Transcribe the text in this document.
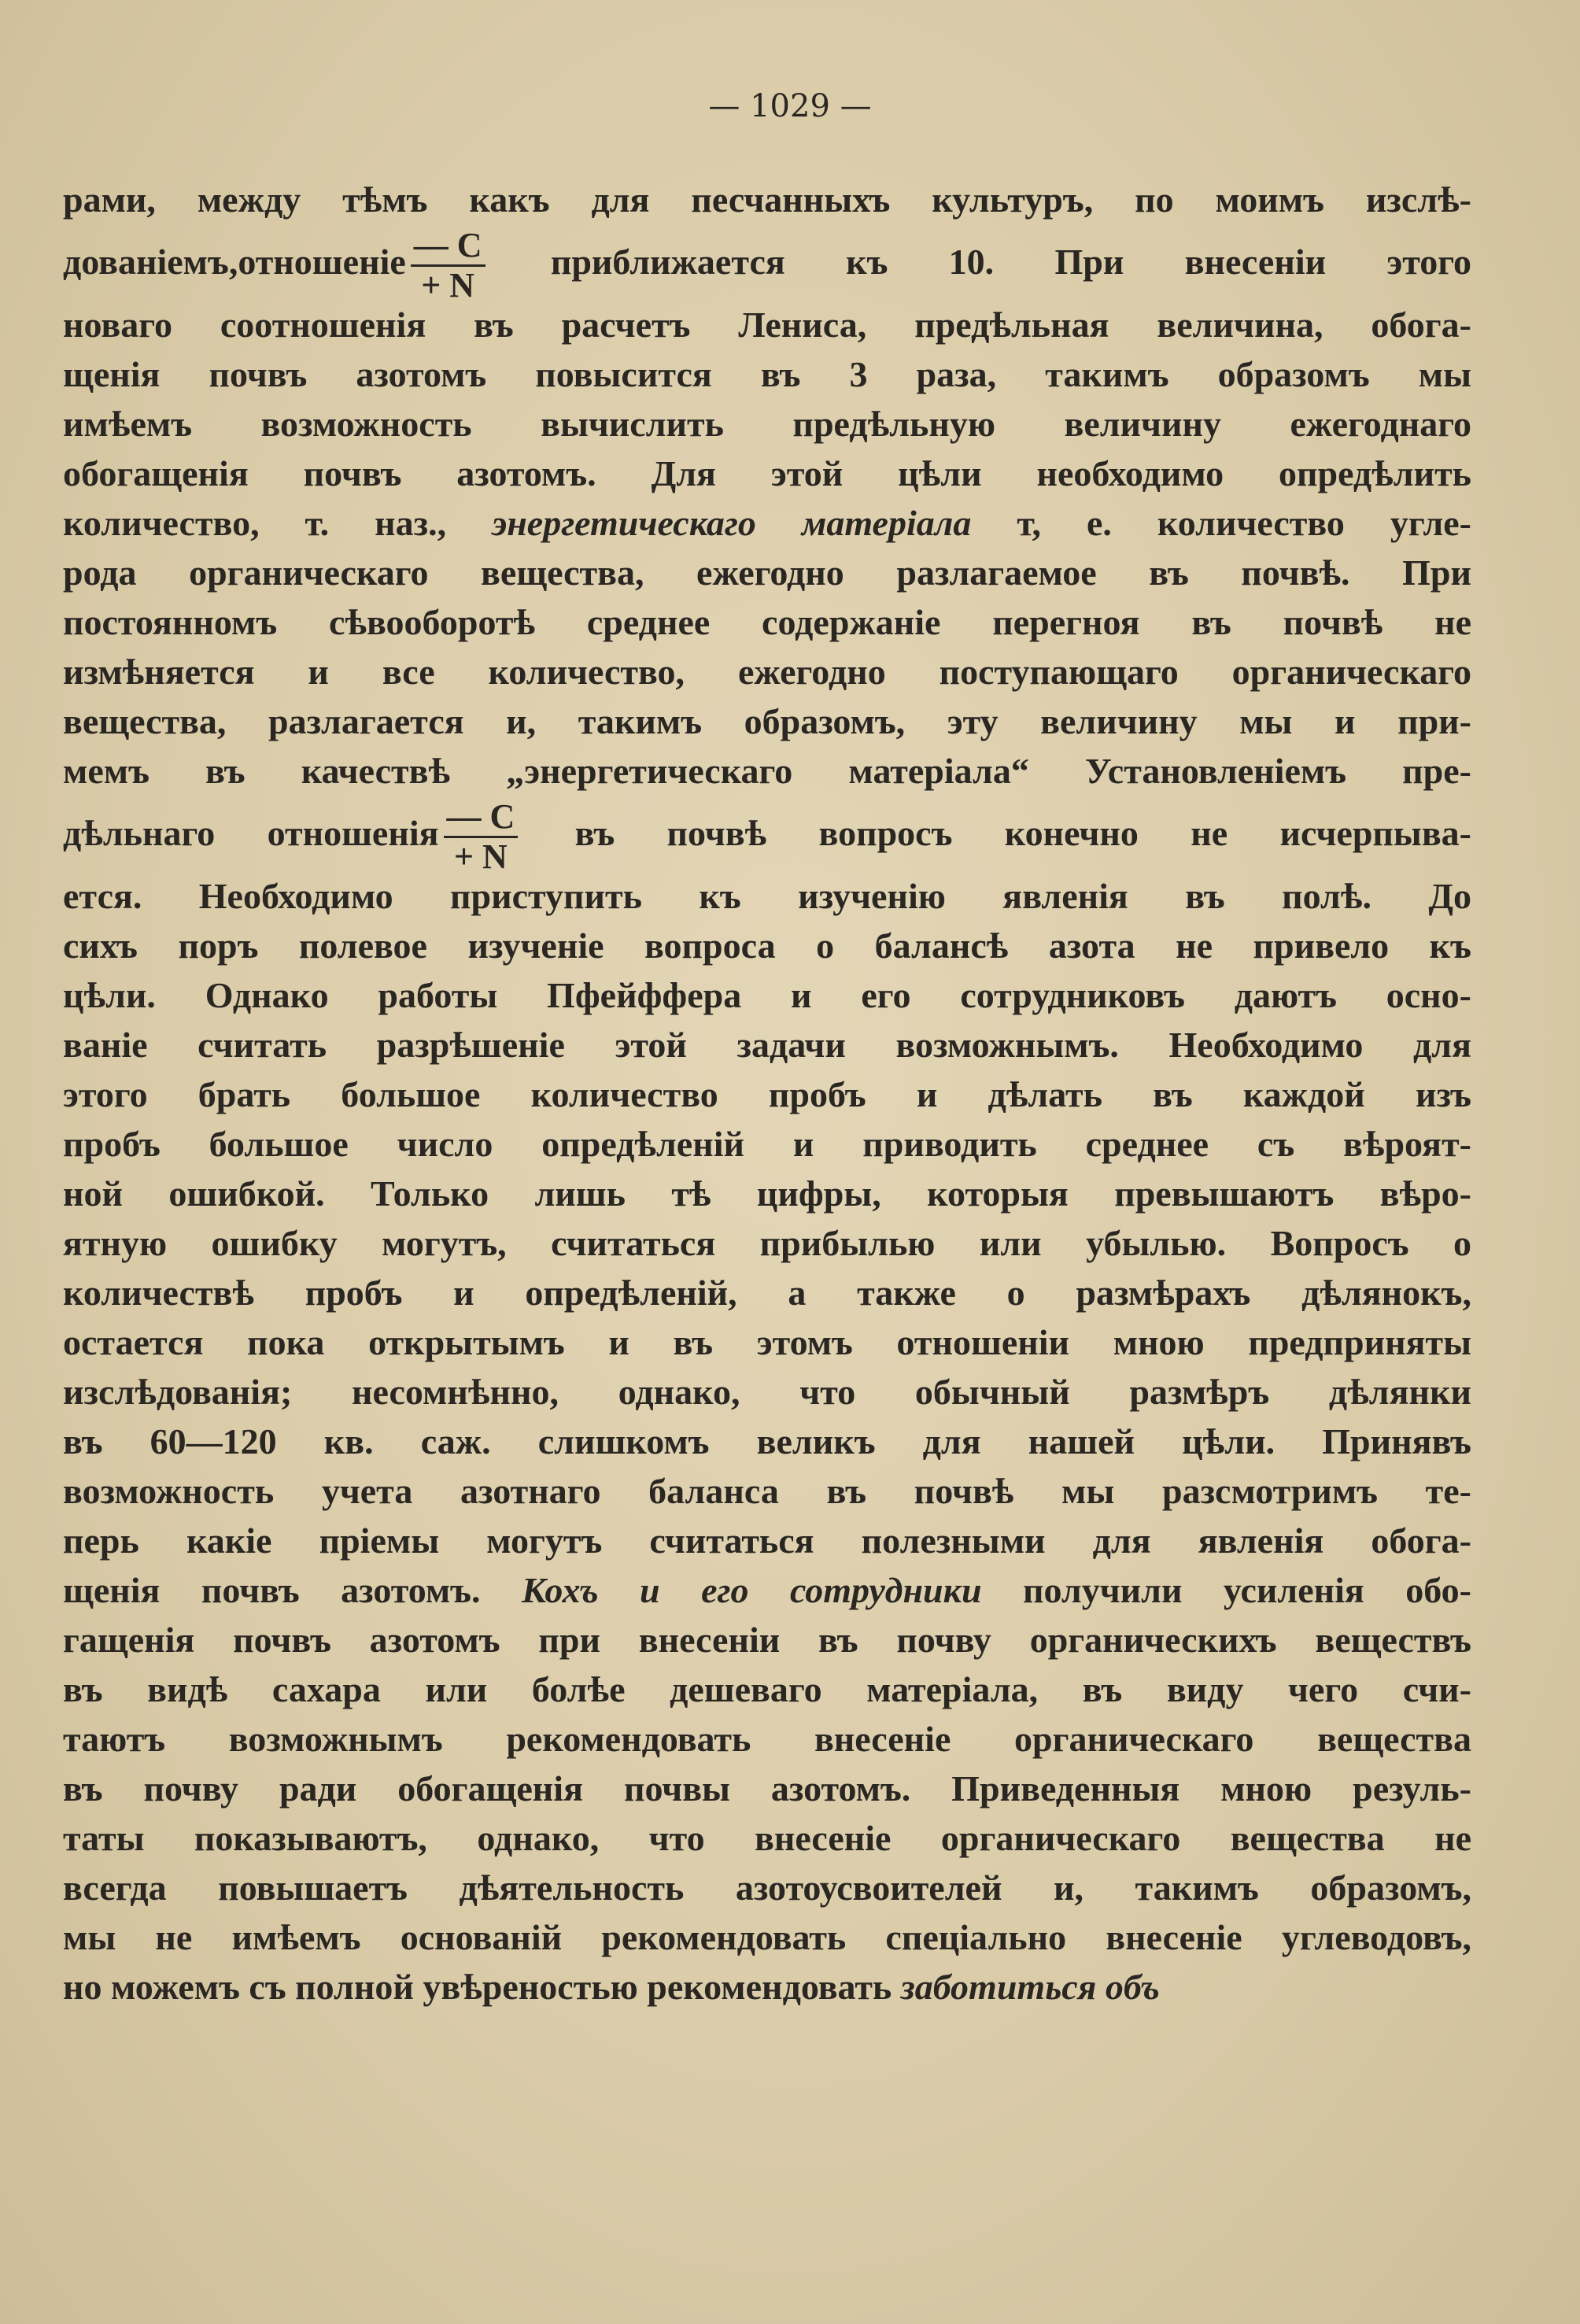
— 1029 —
рами, между тѣмъ какъ для песчанныхъ культуръ, по моимъ изслѣ-
дованіемъ,отношеніе $\frac{— C}{+ N}$ приближается къ 10. При внесеніи этого
новаго соотношенія въ расчетъ Лениса, предѣльная величина, обога-
щенія почвъ азотомъ повысится въ 3 раза, такимъ образомъ мы
имѣемъ возможность вычислить предѣльную величину ежегоднаго
обогащенія почвъ азотомъ. Для этой цѣли необходимо опредѣлить
количество, т. наз., энергетическаго матеріала т, е. количество угле-
рода органическаго вещества, ежегодно разлагаемое въ почвѣ. При
постоянномъ сѣвооборотѣ среднее содержаніе перегноя въ почвѣ не
измѣняется и все количество, ежегодно поступающаго органическаго
вещества, разлагается и, такимъ образомъ, эту величину мы и при-
мемъ въ качествѣ „энергетическаго матеріала“ Установленіемъ пре-
дѣльнаго отношенія $\frac{— C}{+ N}$ въ почвѣ вопросъ конечно не исчерпыва-
ется. Необходимо приступить къ изученію явленія въ полѣ. До
сихъ поръ полевое изученіе вопроса о балансѣ азота не привело къ
цѣли. Однако работы Пфейффера и его сотрудниковъ даютъ осно-
ваніе считать разрѣшеніе этой задачи возможнымъ. Необходимо для
этого брать большое количество пробъ и дѣлать въ каждой изъ
пробъ большое число опредѣленій и приводить среднее съ вѣроят-
ной ошибкой. Только лишь тѣ цифры, которыя превышаютъ вѣро-
ятную ошибку могутъ, считаться прибылью или убылью. Вопросъ о
количествѣ пробъ и опредѣленій, а также о размѣрахъ дѣлянокъ,
остается пока открытымъ и въ этомъ отношеніи мною предприняты
изслѣдованія; несомнѣнно, однако, что обычный размѣръ дѣлянки
въ 60—120 кв. саж. слишкомъ великъ для нашей цѣли. Принявъ
возможность учета азотнаго баланса въ почвѣ мы разсмотримъ те-
перь какіе пріемы могутъ считаться полезными для явленія обога-
щенія почвъ азотомъ. Кохъ и его сотрудники получили усиленія обо-
гащенія почвъ азотомъ при внесеніи въ почву органическихъ веществъ
въ видѣ сахара или болѣе дешеваго матеріала, въ виду чего счи-
таютъ возможнымъ рекомендовать внесеніе органическаго вещества
въ почву ради обогащенія почвы азотомъ. Приведенныя мною резуль-
таты показываютъ, однако, что внесеніе органическаго вещества не
всегда повышаетъ дѣятельность азотоусвоителей и, такимъ образомъ,
мы не имѣемъ основаній рекомендовать спеціально внесеніе углеводовъ,
но можемъ съ полной увѣреностью рекомендовать заботиться объ
